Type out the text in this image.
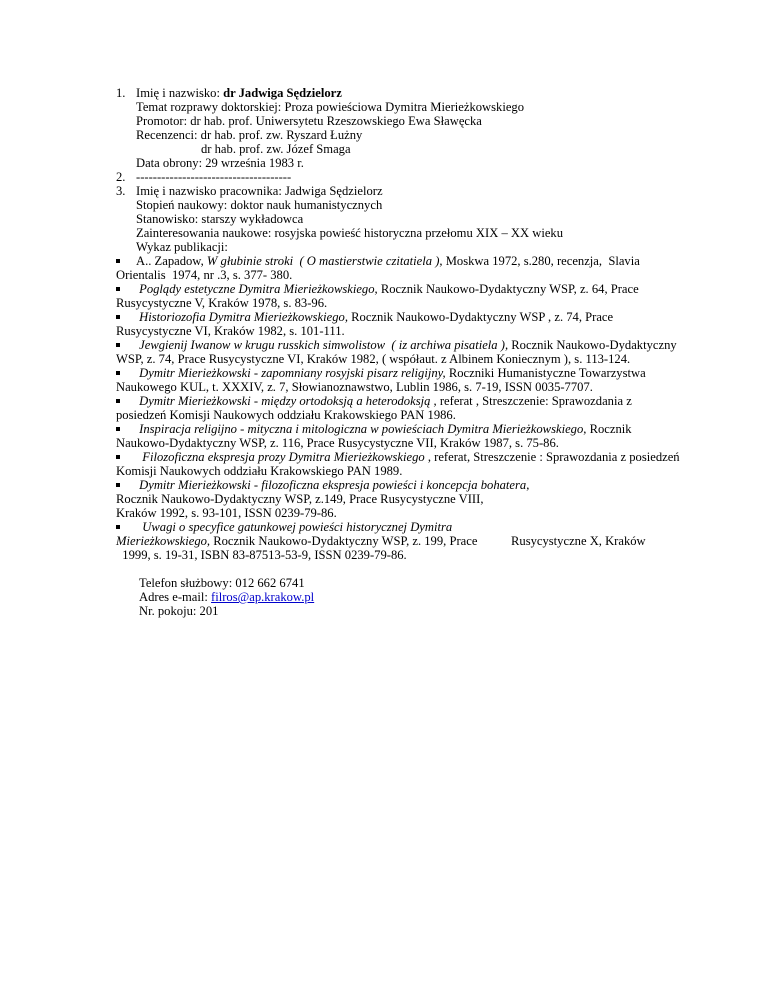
1. Imię i nazwisko: dr Jadwiga Sędzielorz
Temat rozprawy doktorskiej: Proza powieściowa Dymitra Mierieżkowskiego
Promotor: dr hab. prof. Uniwersytetu Rzeszowskiego Ewa Sławęcka
Recenzenci: dr hab. prof. zw. Ryszard Łużny
dr hab. prof. zw. Józef Smaga
Data obrony: 29 września 1983 r.
2. -------------------------------------
3. Imię i nazwisko pracownika: Jadwiga Sędzielorz
Stopień naukowy: doktor nauk humanistycznych
Stanowisko: starszy wykładowca
Zainteresowania naukowe: rosyjska powieść historyczna przełomu XIX – XX wieku
Wykaz publikacji:
A.. Zapadow, W głubinie stroki  ( O mastierstwie czitatiela ), Moskwa 1972, s.280, recenzja,  Slavia
Orientalis  1974, nr .3, s. 377- 380.
Poglądy estetyczne Dymitra Mierieżkowskiego, Rocznik Naukowo-Dydaktyczny WSP, z. 64, Prace
Rusycystyczne V, Kraków 1978, s. 83-96.
Historiozofia Dymitra Mierieżkowskiego, Rocznik Naukowo-Dydaktyczny WSP , z. 74, Prace
Rusycystyczne VI, Kraków 1982, s. 101-111.
Jewgienij Iwanow w krugu russkich simwolistow  ( iz archiwa pisatiela ), Rocznik Naukowo-Dydaktyczny
WSP, z. 74, Prace Rusycystyczne VI, Kraków 1982, ( współaut. z Albinem Koniecznym ), s. 113-124.
Dymitr Mierieżkowski - zapomniany rosyjski pisarz religijny, Roczniki Humanistyczne Towarzystwa
Naukowego KUL, t. XXXIV, z. 7, Słowianoznawstwo, Lublin 1986, s. 7-19, ISSN 0035-7707.
Dymitr Mierieżkowski - między ortodoksją a heterodoksją , referat , Streszczenie: Sprawozdania z
posiedzeń Komisji Naukowych oddziału Krakowskiego PAN 1986.
Inspiracja religijno - mityczna i mitologiczna w powieściach Dymitra Mierieżkowskiego, Rocznik
Naukowo-Dydaktyczny WSP, z. 116, Prace Rusycystyczne VII, Kraków 1987, s. 75-86.
Filozoficzna ekspresja prozy Dymitra Mierieżkowskiego , referat, Streszczenie : Sprawozdania z posiedzeń
Komisji Naukowych oddziału Krakowskiego PAN 1989.
Dymitr Mierieżkowski - filozoficzna ekspresja powieści i koncepcja bohatera,
Rocznik Naukowo-Dydaktyczny WSP, z.149, Prace Rusycystyczne VIII,
Kraków 1992, s. 93-101, ISSN 0239-79-86.
Uwagi o specyfice gatunkowej powieści historycznej Dymitra
Mierieżkowskiego, Rocznik Naukowo-Dydaktyczny WSP, z. 199, Prace	Rusycystyczne X, Kraków
1999, s. 19-31, ISBN 83-87513-53-9, ISSN 0239-79-86.
Telefon służbowy: 012 662 6741
Adres e-mail: filros@ap.krakow.pl
Nr. pokoju: 201
